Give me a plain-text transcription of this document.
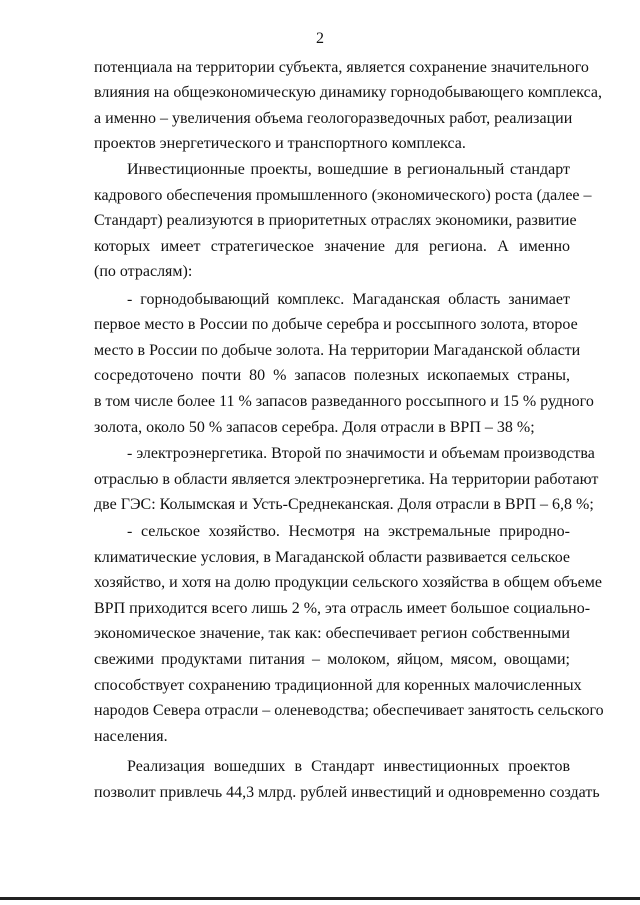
2
потенциала на территории субъекта, является сохранение значительного
влияния на общеэкономическую динамику горнодобывающего комплекса,
а именно – увеличения объема геологоразведочных работ, реализации
проектов энергетического и транспортного комплекса.
Инвестиционные проекты, вошедшие в региональный стандарт
кадрового обеспечения промышленного (экономического) роста (далее –
Стандарт) реализуются в приоритетных отраслях экономики, развитие
которых имеет стратегическое значение для региона. А именно
(по отраслям):
- горнодобывающий комплекс. Магаданская область занимает
первое место в России по добыче серебра и россыпного золота, второе
место в России по добыче золота. На территории Магаданской области
сосредоточено почти 80 % запасов полезных ископаемых страны,
в том числе более 11 % запасов разведанного россыпного и 15 % рудного
золота, около 50 % запасов серебра. Доля отрасли в ВРП – 38 %;
- электроэнергетика. Второй по значимости и объемам производства
отраслью в области является электроэнергетика. На территории работают
две ГЭС: Колымская и Усть-Среднеканская. Доля отрасли в ВРП – 6,8 %;
- сельское хозяйство. Несмотря на экстремальные природно-
климатические условия, в Магаданской области развивается сельское
хозяйство, и хотя на долю продукции сельского хозяйства в общем объеме
ВРП приходится всего лишь 2 %, эта отрасль имеет большое социально-
экономическое значение, так как: обеспечивает регион собственными
свежими продуктами питания – молоком, яйцом, мясом, овощами;
способствует сохранению традиционной для коренных малочисленных
народов Севера отрасли – оленеводства; обеспечивает занятость сельского
населения.
Реализация вошедших в Стандарт инвестиционных проектов
позволит привлечь 44,3 млрд. рублей инвестиций и одновременно создать
